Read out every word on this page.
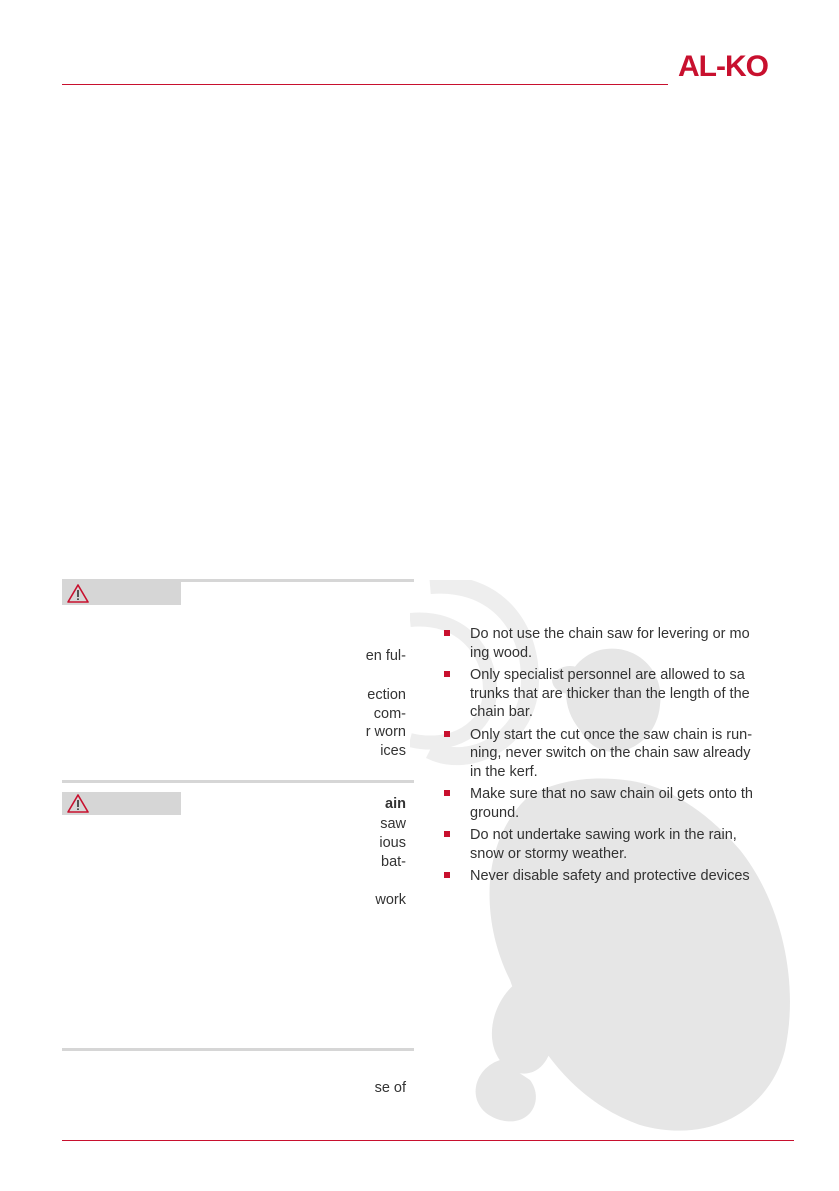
AL-KO
en ful-
ection
com-
r worn
ices
ain
saw
ious
bat-
work
se of
Do not use the chain saw for levering or mo
ing wood.
Only specialist personnel are allowed to sa
trunks that are thicker than the length of the
chain bar.
Only start the cut once the saw chain is run-
ning, never switch on the chain saw already
in the kerf.
Make sure that no saw chain oil gets onto th
ground.
Do not undertake sawing work in the rain,
snow or stormy weather.
Never disable safety and protective devices
